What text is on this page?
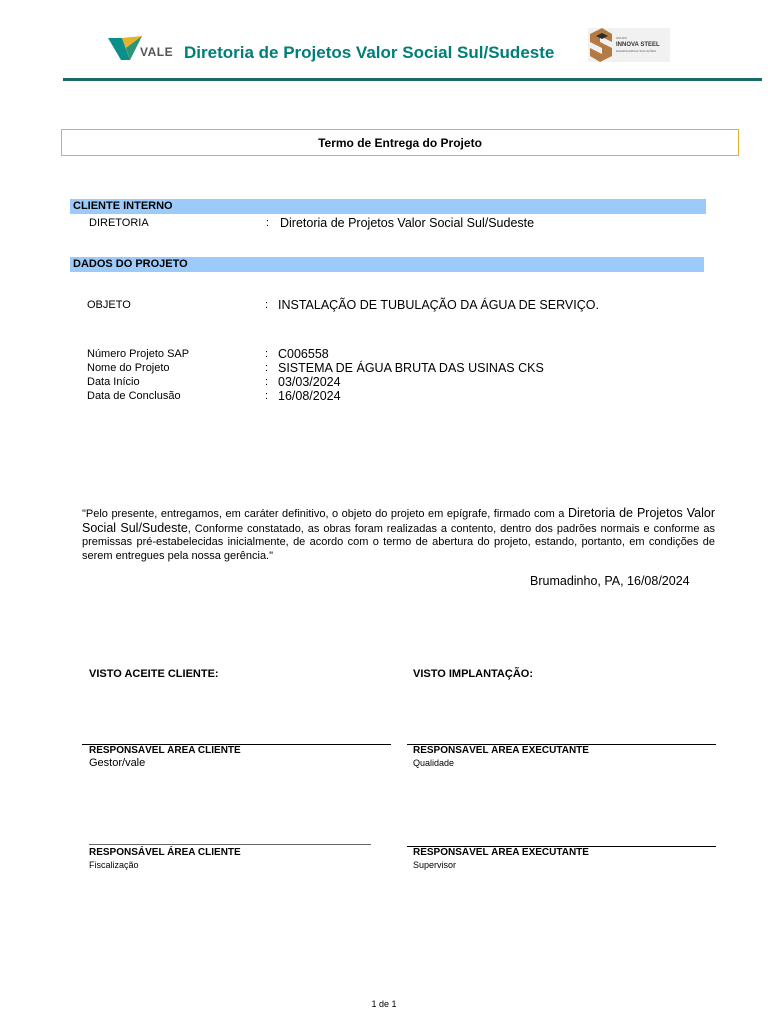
VALE Diretoria de Projetos Valor Social Sul/Sudeste
GRUPO
INNOVA STEEL
ENGENHARIA E SOLUÇÕES
Termo de Entrega do Projeto
CLIENTE INTERNO
DIRETORIA	: Diretoria de Projetos Valor Social Sul/Sudeste
DADOS DO PROJETO
OBJETO	: INSTALAÇÃO DE TUBULAÇÃO DA ÁGUA DE SERVIÇO.
Número Projeto SAP	: C006558
Nome do Projeto	: SISTEMA DE ÁGUA BRUTA DAS USINAS CKS
Data Início	: 03/03/2024
Data de Conclusão	: 16/08/2024
"Pelo presente, entregamos, em caráter definitivo, o objeto do projeto em epígrafe, firmado com a Diretoria de Projetos Valor Social Sul/Sudeste, Conforme constatado, as obras foram realizadas a contento, dentro dos padrões normais e conforme as premissas pré-estabelecidas inicialmente, de acordo com o termo de abertura do projeto, estando, portanto, em condições de serem entregues pela nossa gerência."
Brumadinho, PA, 16/08/2024
VISTO ACEITE CLIENTE:	VISTO IMPLANTAÇÃO:
RESPONSÁVEL ÁREA CLIENTE
Gestor/vale
RESPONSÁVEL ÁREA EXECUTANTE
Qualidade
RESPONSÁVEL ÁREA CLIENTE
Fiscalização
RESPONSÁVEL ÁREA EXECUTANTE
Supervisor
1 de 1
